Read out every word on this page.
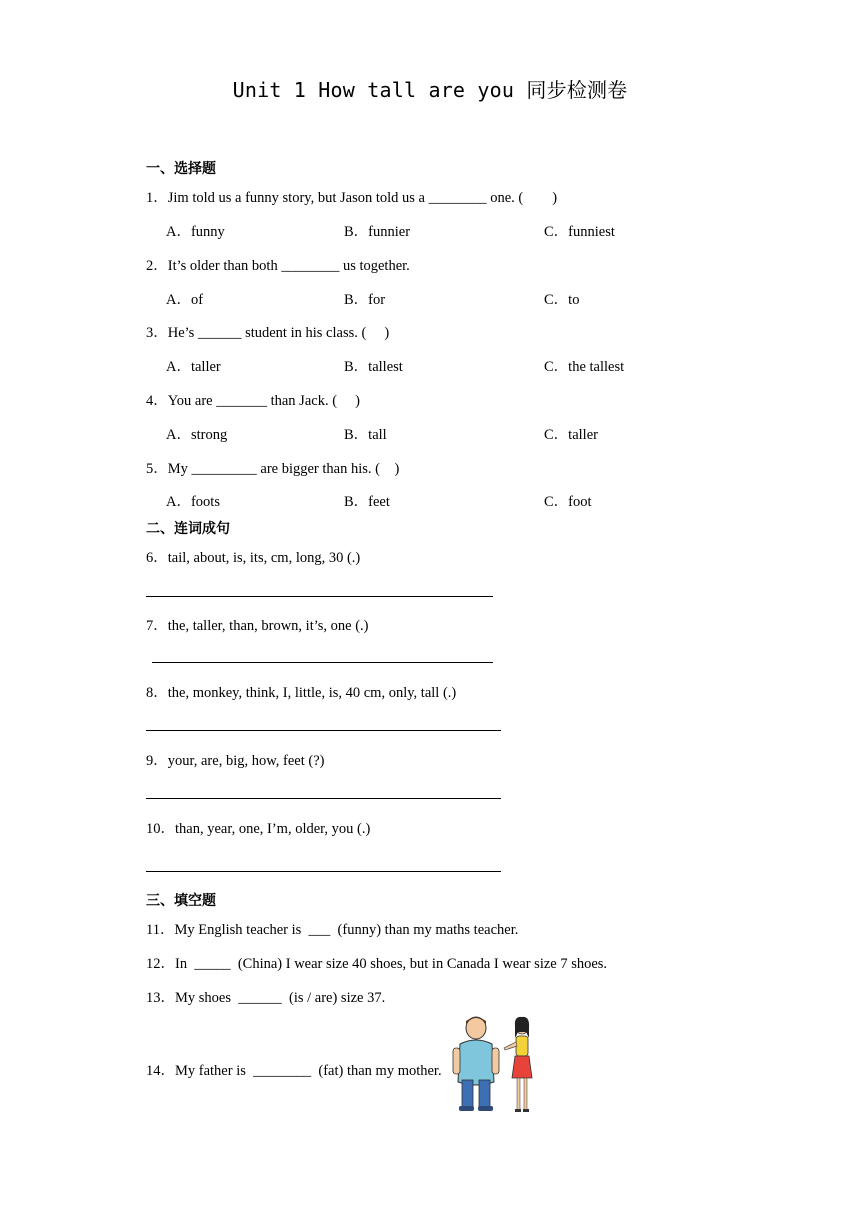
Unit 1 How tall are you 同步检测卷
一、选择题
1．Jim told us a funny story, but Jason told us a ________ one. (        )
A．funny	B．funnier	C．funniest
2．It’s older than both ________ us together.
A．of	B．for	C．to
3．He’s ______ student in his class. (     )
A．taller	B．tallest	C．the tallest
4．You are _______ than Jack. (     )
A．strong	B．tall	C．taller
5．My _________ are bigger than his. (    )
A．foots	B．feet	C．foot
二、连词成句
6．tail, about, is, its, cm, long, 30 (.)
7．the, taller, than, brown, it’s, one (.)
8．the, monkey, think, I, little, is, 40 cm, only, tall (.)
9．your, are, big, how, feet (?)
10．than, year, one, I’m, older, you (.)
三、填空题
11．My English teacher is  ___  (funny) than my maths teacher.
12．In  _____  (China) I wear size 40 shoes, but in Canada I wear size 7 shoes.
13．My shoes  ______  (is / are) size 37.
14．My father is  ________  (fat) than my mother.
